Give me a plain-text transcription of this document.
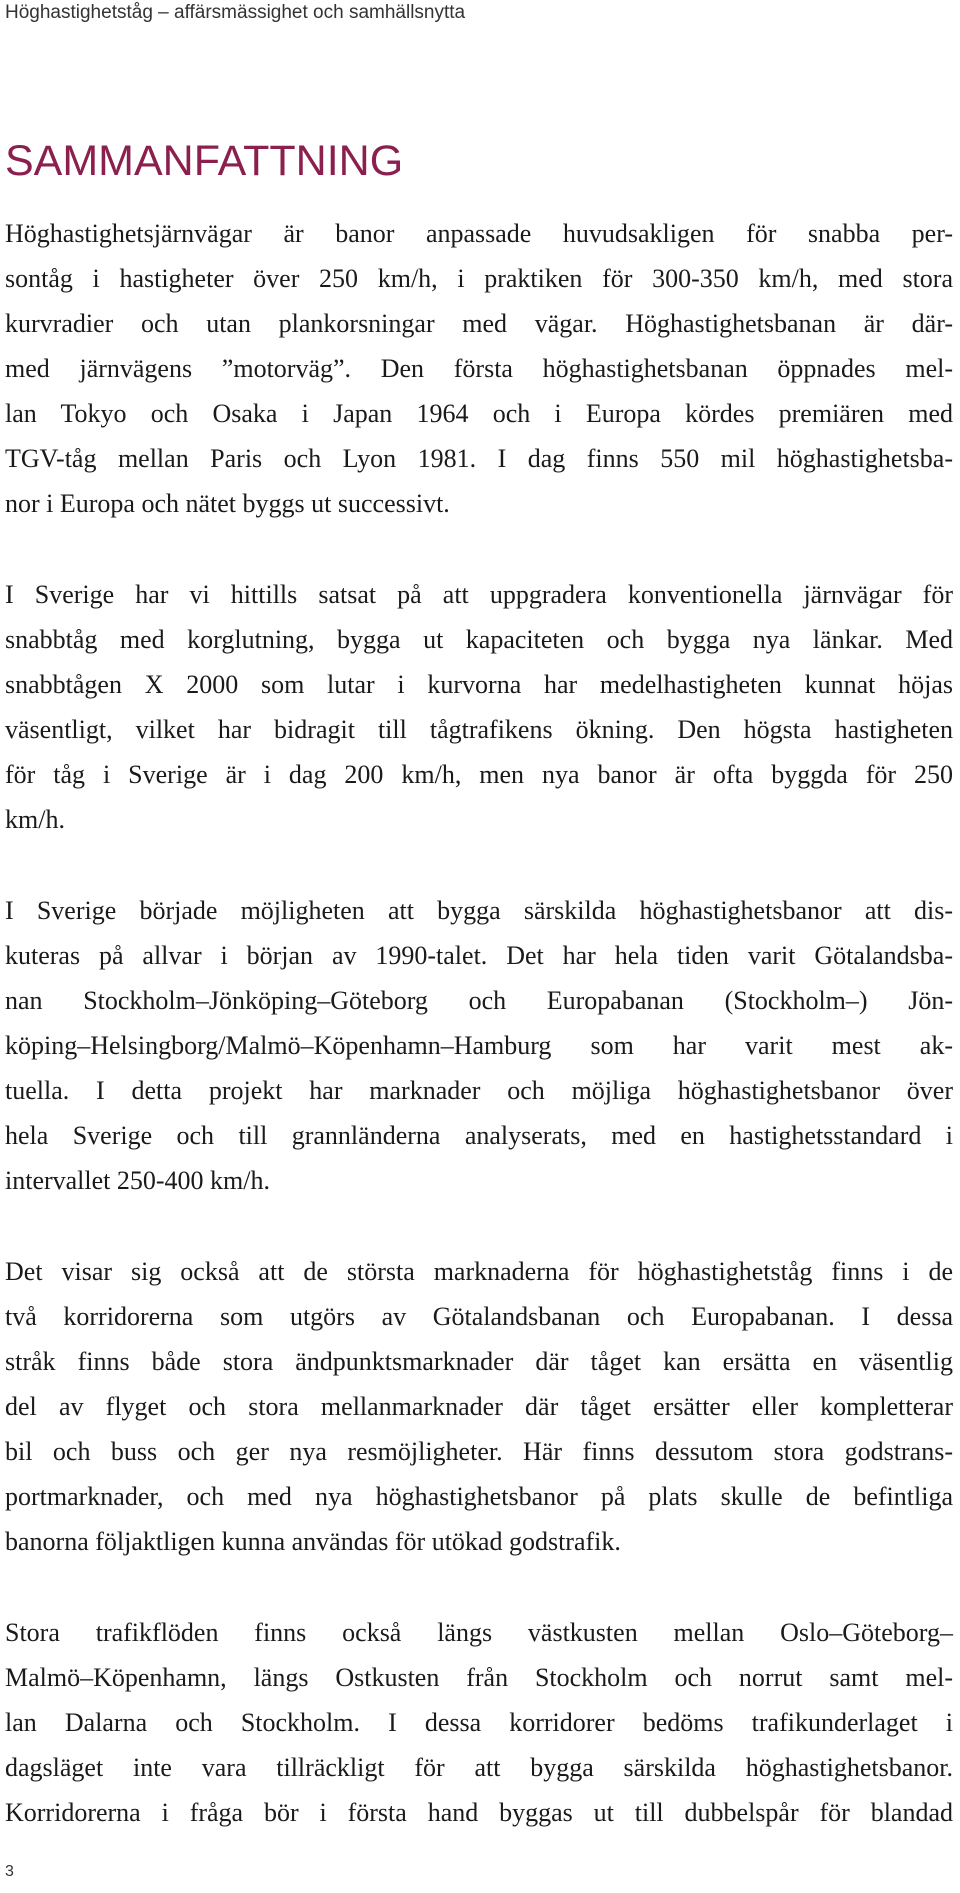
Höghastighetståg – affärsmässighet och samhällsnytta
SAMMANFATTNING
Höghastighetsjärnvägar är banor anpassade huvudsakligen för snabba per-
sontåg i hastigheter över 250 km/h, i praktiken för 300-350 km/h, med stora
kurvradier och utan plankorsningar med vägar. Höghastighetsbanan är där-
med järnvägens ”motorväg”. Den första höghastighetsbanan öppnades mel-
lan Tokyo och Osaka i Japan 1964 och i Europa kördes premiären med
TGV-tåg mellan Paris och Lyon 1981. I dag finns 550 mil höghastighetsba-
nor i Europa och nätet byggs ut successivt.
I Sverige har vi hittills satsat på att uppgradera konventionella järnvägar för
snabbtåg med korglutning, bygga ut kapaciteten och bygga nya länkar. Med
snabbtågen X 2000 som lutar i kurvorna har medelhastigheten kunnat höjas
väsentligt, vilket har bidragit till tågtrafikens ökning. Den högsta hastigheten
för tåg i Sverige är i dag 200 km/h, men nya banor är ofta byggda för 250
km/h.
I Sverige började möjligheten att bygga särskilda höghastighetsbanor att dis-
kuteras på allvar i början av 1990-talet. Det har hela tiden varit Götalandsba-
nan Stockholm–Jönköping–Göteborg och Europabanan (Stockholm–) Jön-
köping–Helsingborg/Malmö–Köpenhamn–Hamburg som har varit mest ak-
tuella. I detta projekt har marknader och möjliga höghastighetsbanor över
hela Sverige och till grannländerna analyserats, med en hastighetsstandard i
intervallet 250-400 km/h.
Det visar sig också att de största marknaderna för höghastighetståg finns i de
två korridorerna som utgörs av Götalandsbanan och Europabanan. I dessa
stråk finns både stora ändpunktsmarknader där tåget kan ersätta en väsentlig
del av flyget och stora mellanmarknader där tåget ersätter eller kompletterar
bil och buss och ger nya resmöjligheter. Här finns dessutom stora godstrans-
portmarknader, och med nya höghastighetsbanor på plats skulle de befintliga
banorna följaktligen kunna användas för utökad godstrafik.
Stora trafikflöden finns också längs västkusten mellan Oslo–Göteborg–
Malmö–Köpenhamn, längs Ostkusten från Stockholm och norrut samt mel-
lan Dalarna och Stockholm. I dessa korridorer bedöms trafikunderlaget i
dagsläget inte vara tillräckligt för att bygga särskilda höghastighetsbanor.
Korridorerna i fråga bör i första hand byggas ut till dubbelspår för blandad
3
